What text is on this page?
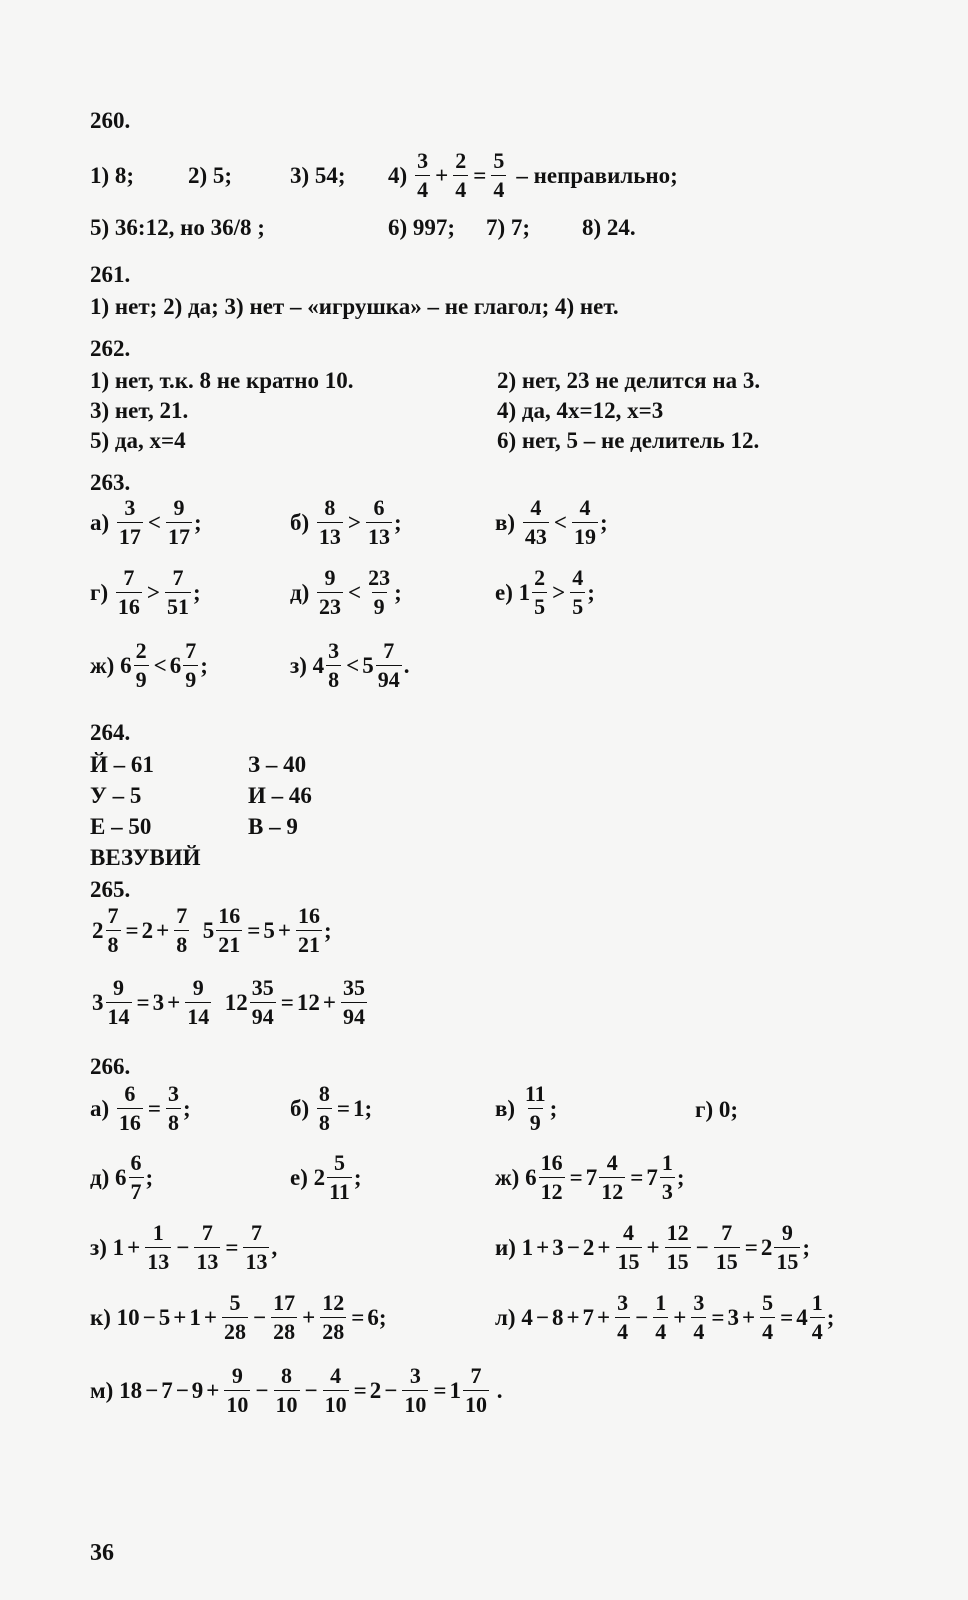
260.
1) 8;	2) 5;	3) 54;	$4) \frac{3}{4} + \frac{2}{4} = \frac{5}{4}$ – неправильно;
5) 36:12, но 36/8 ;	6) 997;	7) 7;	8) 24.
261.
1) нет; 2) да; 3) нет – «игрушка» – не глагол; 4) нет.
262.
1) нет, т.к. 8 не кратно 10.	2) нет, 23 не делится на 3.
3) нет, 21.	4) да, 4x=12, x=3
5) да, x=4	6) нет, 5 – не делитель 12.
263.
264.
Й – 61	З – 40
У – 5	И – 46
Е – 50	В – 9
ВЕЗУВИЙ
265.
266.
36
$а) \frac{3}{17} < \frac{9}{17}$ ;	$б) \frac{8}{13} > \frac{6}{13}$ ;	$в) \frac{4}{43} < \frac{4}{19}$ ;
$г) \frac{7}{16} > \frac{7}{51}$ ;	$д) \frac{9}{23} < \frac{23}{9}$ ;	е) $1 \frac{2}{5} > \frac{4}{5}$ ;
ж) $6 \frac{2}{9} < 6 \frac{7}{9}$ ;	з) $4 \frac{3}{8} < 5 \frac{7}{94}$ .
$2 \frac{7}{8} = 2 + \frac{7}{8} 5 \frac{16}{21} = 5 + \frac{16}{21}$ ;
$3 \frac{9}{14} = 3 + \frac{9}{14} 12 \frac{35}{94} = 12 + \frac{35}{94}$
$а) \frac{6}{16} = \frac{3}{8}$ ;	$б) \frac{8}{8} = 1$;	$в) \frac{11}{9}$ ;	г) 0;
д) $6 \frac{6}{7}$ ;	е) $2 \frac{5}{11}$ ;	ж) $6 \frac{16}{12} = 7 \frac{4}{12} = 7 \frac{1}{3}$ ;
з) $1 + \frac{1}{13} - \frac{7}{13} = \frac{7}{13}$ ,	и) $1 + 3 - 2 + \frac{4}{15} + \frac{12}{15} - \frac{7}{15} = 2 \frac{9}{15}$ ;
к) $10 - 5 + 1 + \frac{5}{28} - \frac{17}{28} + \frac{12}{28} = 6$;	л) $4 - 8 + 7 + \frac{3}{4} - \frac{1}{4} + \frac{3}{4} = 3 + \frac{5}{4} = 4 \frac{1}{4}$ ;
м) $18 - 7 - 9 + \frac{9}{10} - \frac{8}{10} - \frac{4}{10} = 2 - \frac{3}{10} = 1 \frac{7}{10}$ .
